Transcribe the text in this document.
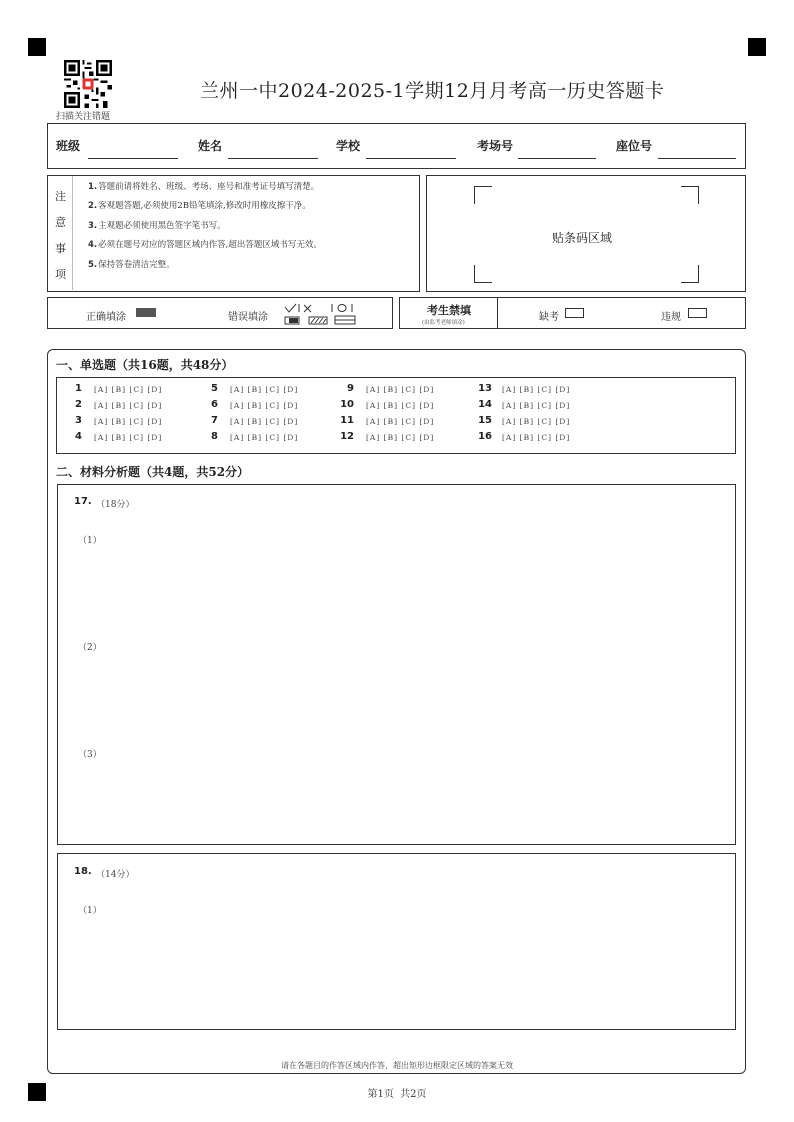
扫描关注错题
兰州一中2024-2025-1学期12月月考高一历史答题卡
班级	姓名	学校	考场号	座位号
注
意
事
项
1.答题前请将姓名、班级、考场、座号和准考证号填写清楚。
2.客观题答题,必须使用2B铅笔填涂,修改时用橡皮擦干净。
3.主观题必须使用黑色签字笔书写。
4.必须在题号对应的答题区域内作答,超出答题区域书写无效。
5.保持答卷清洁完整。
贴条码区域
正确填涂	错误填涂
考生禁填
(由监考老师填涂)	缺考	违规
一、单选题（共16题，共48分）
1 [A] [B] [C] [D]
2 [A] [B] [C] [D]
3 [A] [B] [C] [D]
4 [A] [B] [C] [D]
5 [A] [B] [C] [D]
6 [A] [B] [C] [D]
7 [A] [B] [C] [D]
8 [A] [B] [C] [D]
9 [A] [B] [C] [D]
10 [A] [B] [C] [D]
11 [A] [B] [C] [D]
12 [A] [B] [C] [D]
13 [A] [B] [C] [D]
14 [A] [B] [C] [D]
15 [A] [B] [C] [D]
16 [A] [B] [C] [D]
二、材料分析题（共4题，共52分）
17. （18分）
（1）
（2）
（3）
18. （14分）
（1）
请在各题目的作答区域内作答，超出矩形边框限定区域的答案无效
第1页  共2页
